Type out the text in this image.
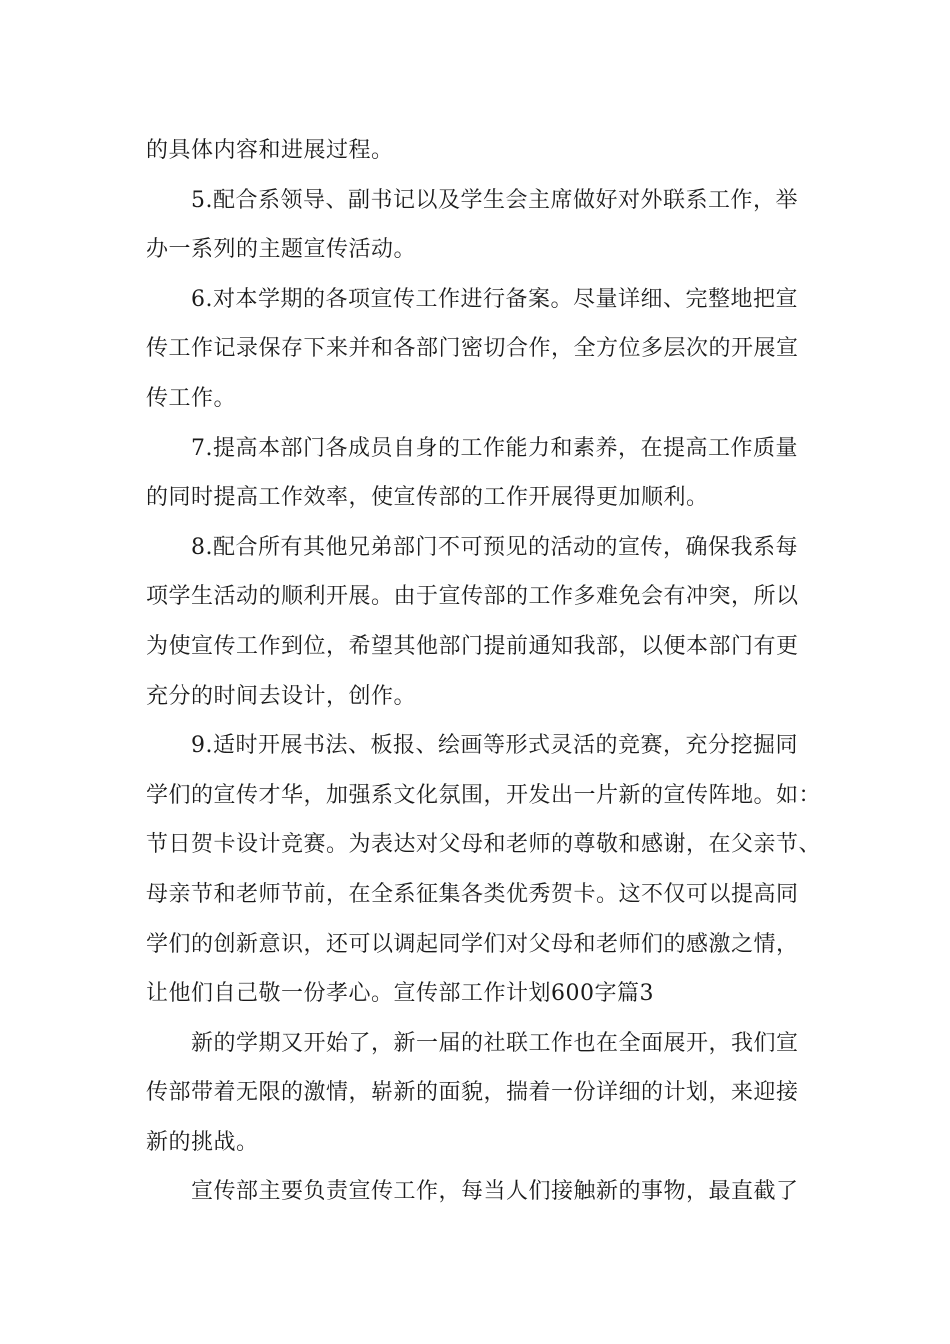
的具体内容和进展过程。
5.配合系领导、副书记以及学生会主席做好对外联系工作，举
办一系列的主题宣传活动。
6.对本学期的各项宣传工作进行备案。尽量详细、完整地把宣
传工作记录保存下来并和各部门密切合作，全方位多层次的开展宣
传工作。
7.提高本部门各成员自身的工作能力和素养，在提高工作质量
的同时提高工作效率，使宣传部的工作开展得更加顺利。
8.配合所有其他兄弟部门不可预见的活动的宣传，确保我系每
项学生活动的顺利开展。由于宣传部的工作多难免会有冲突，所以
为使宣传工作到位，希望其他部门提前通知我部，以便本部门有更
充分的时间去设计，创作。
9.适时开展书法、板报、绘画等形式灵活的竞赛，充分挖掘同
学们的宣传才华，加强系文化氛围，开发出一片新的宣传阵地。如：
节日贺卡设计竞赛。为表达对父母和老师的尊敬和感谢，在父亲节、
母亲节和老师节前，在全系征集各类优秀贺卡。这不仅可以提高同
学们的创新意识，还可以调起同学们对父母和老师们的感激之情，
让他们自己敬一份孝心。宣传部工作计划600字篇3
新的学期又开始了，新一届的社联工作也在全面展开，我们宣
传部带着无限的激情，崭新的面貌，揣着一份详细的计划，来迎接
新的挑战。
宣传部主要负责宣传工作，每当人们接触新的事物，最直截了
